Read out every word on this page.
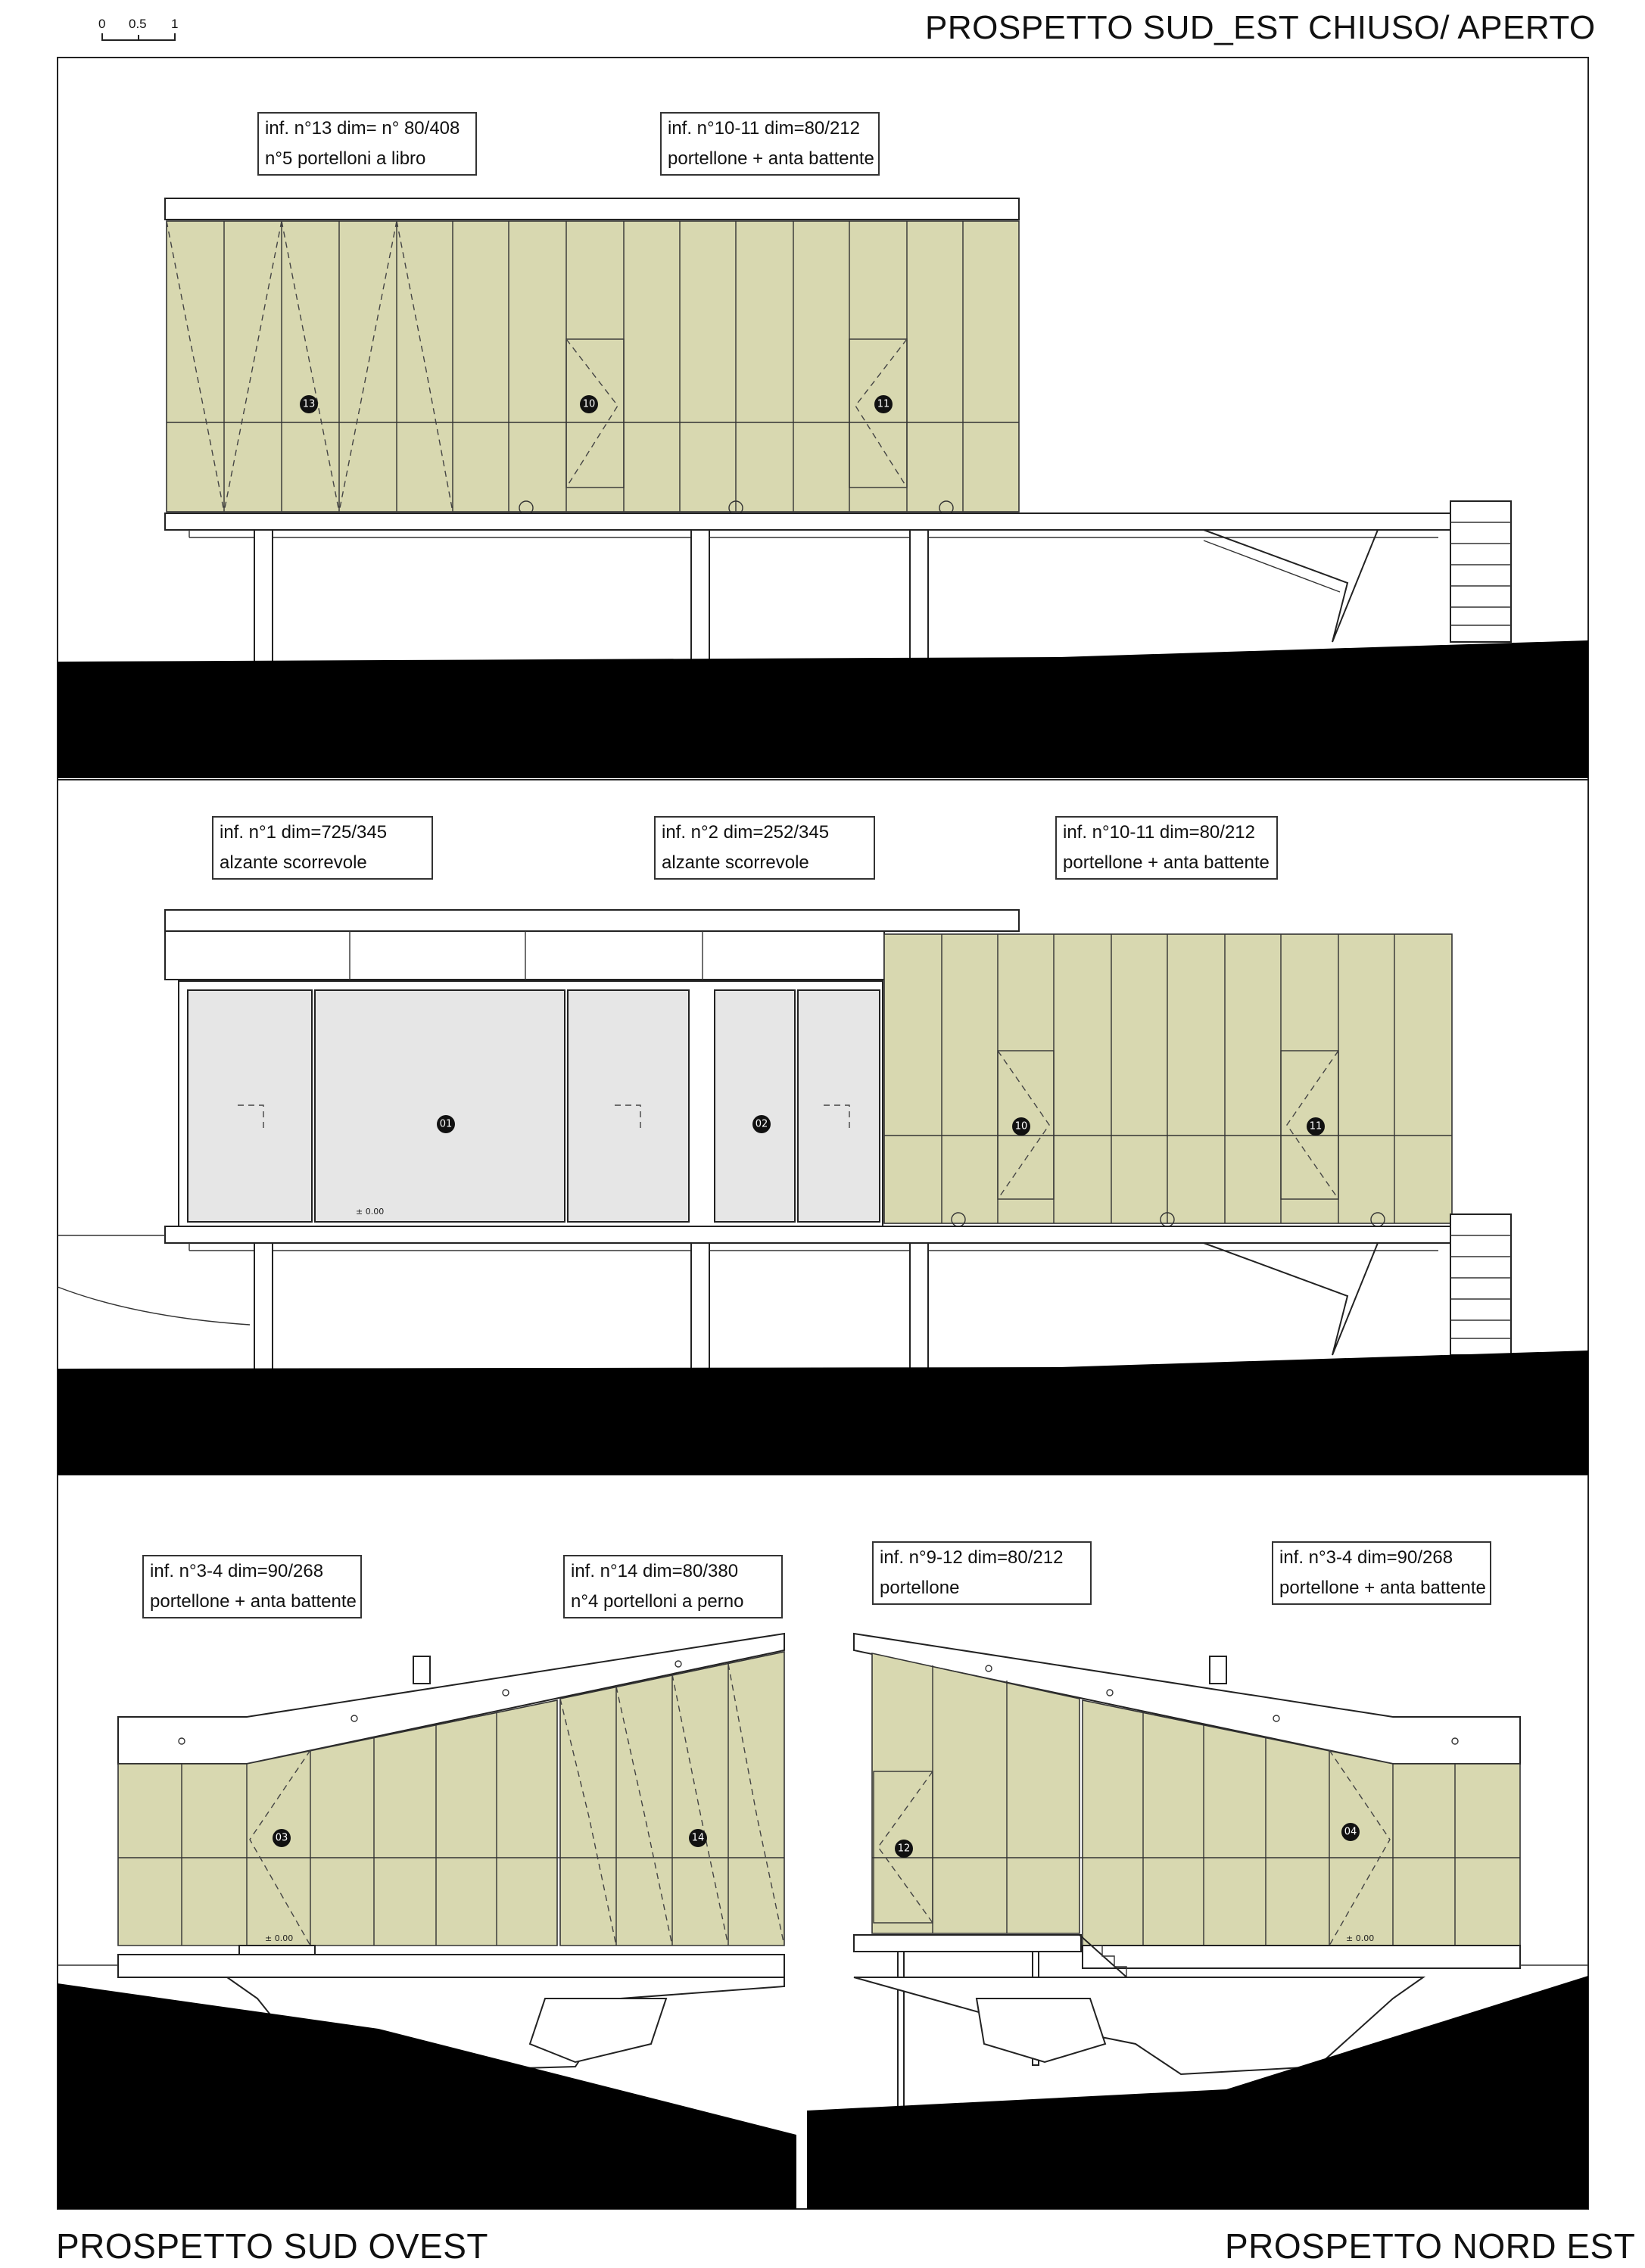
PROSPETTO SUD_EST CHIUSO/ APERTO
PROSPETTO SUD OVEST	PROSPETTO NORD EST
0 0.5 1
13	10	11
01	02	10	11
± 0.00
03	14
± 0.00
12
04
± 0.00
inf. n°13 dim= n° 80/408
n°5 portelloni a libro
inf. n°10-11 dim=80/212
portellone + anta battente
inf. n°1 dim=725/345
alzante scorrevole
inf. n°2 dim=252/345
alzante scorrevole
inf. n°10-11 dim=80/212
portellone + anta battente
inf. n°3-4 dim=90/268
portellone + anta battente
inf. n°14 dim=80/380
n°4 portelloni a perno
inf. n°9-12 dim=80/212
portellone
inf. n°3-4 dim=90/268
portellone + anta battente
